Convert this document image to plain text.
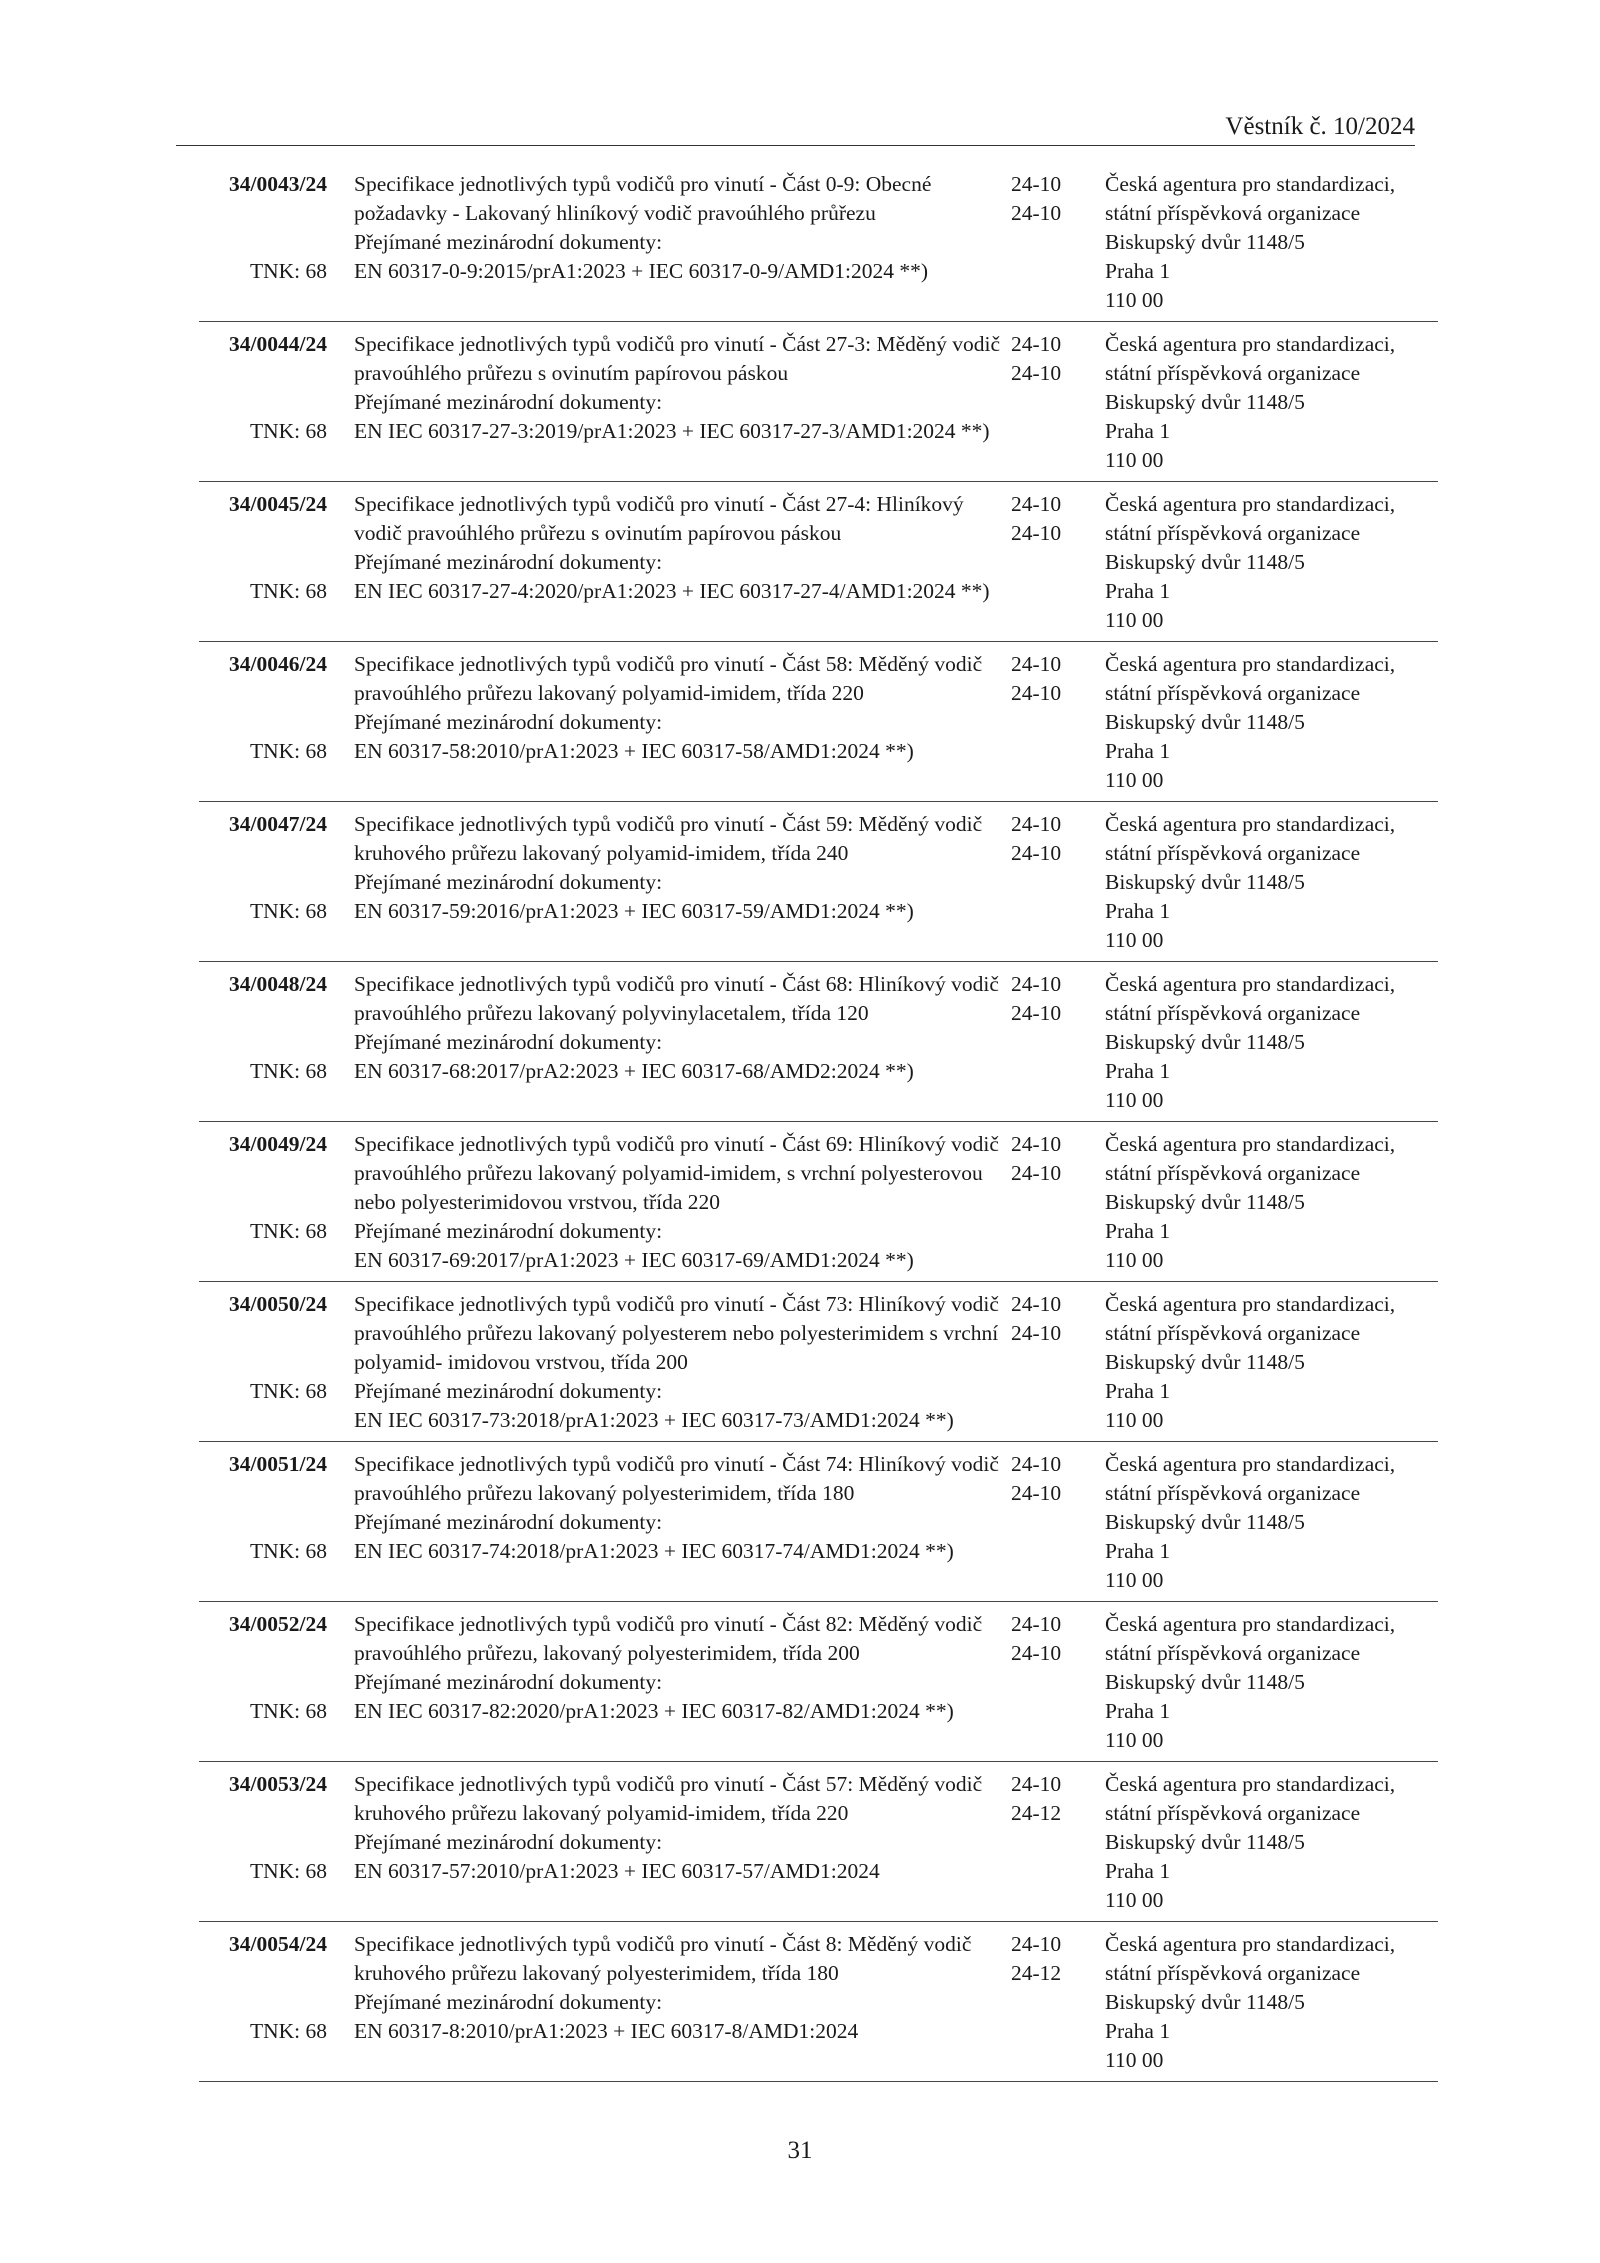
Věstník č. 10/2024
34/0043/24
TNK: 68
Specifikace jednotlivých typů vodičů pro vinutí - Část 0-9: Obecné požadavky - Lakovaný hliníkový vodič pravoúhlého průřezu
Přejímané mezinárodní dokumenty:
EN 60317-0-9:2015/prA1:2023 + IEC 60317-0-9/AMD1:2024 **)
24-10
24-10
Česká agentura pro standardizaci,
státní příspěvková organizace
Biskupský dvůr 1148/5
Praha 1
110 00
34/0044/24
TNK: 68
Specifikace jednotlivých typů vodičů pro vinutí - Část 27-3: Měděný vodič pravoúhlého průřezu s ovinutím papírovou páskou
Přejímané mezinárodní dokumenty:
EN IEC 60317-27-3:2019/prA1:2023 + IEC 60317-27-3/AMD1:2024 **)
24-10
24-10
Česká agentura pro standardizaci,
státní příspěvková organizace
Biskupský dvůr 1148/5
Praha 1
110 00
34/0045/24
TNK: 68
Specifikace jednotlivých typů vodičů pro vinutí - Část 27-4: Hliníkový vodič pravoúhlého průřezu s ovinutím papírovou páskou
Přejímané mezinárodní dokumenty:
EN IEC 60317-27-4:2020/prA1:2023 + IEC 60317-27-4/AMD1:2024 **)
24-10
24-10
Česká agentura pro standardizaci,
státní příspěvková organizace
Biskupský dvůr 1148/5
Praha 1
110 00
34/0046/24
TNK: 68
Specifikace jednotlivých typů vodičů pro vinutí - Část 58: Měděný vodič pravoúhlého průřezu lakovaný polyamid-imidem, třída 220
Přejímané mezinárodní dokumenty:
EN 60317-58:2010/prA1:2023 + IEC 60317-58/AMD1:2024 **)
24-10
24-10
Česká agentura pro standardizaci,
státní příspěvková organizace
Biskupský dvůr 1148/5
Praha 1
110 00
34/0047/24
TNK: 68
Specifikace jednotlivých typů vodičů pro vinutí - Část 59: Měděný vodič kruhového průřezu lakovaný polyamid-imidem, třída 240
Přejímané mezinárodní dokumenty:
EN 60317-59:2016/prA1:2023 + IEC 60317-59/AMD1:2024 **)
24-10
24-10
Česká agentura pro standardizaci,
státní příspěvková organizace
Biskupský dvůr 1148/5
Praha 1
110 00
34/0048/24
TNK: 68
Specifikace jednotlivých typů vodičů pro vinutí - Část 68: Hliníkový vodič pravoúhlého průřezu lakovaný polyvinylacetalem, třída 120
Přejímané mezinárodní dokumenty:
EN 60317-68:2017/prA2:2023 + IEC 60317-68/AMD2:2024 **)
24-10
24-10
Česká agentura pro standardizaci,
státní příspěvková organizace
Biskupský dvůr 1148/5
Praha 1
110 00
34/0049/24
TNK: 68
Specifikace jednotlivých typů vodičů pro vinutí - Část 69: Hliníkový vodič pravoúhlého průřezu lakovaný polyamid-imidem, s vrchní polyesterovou nebo polyesterimidovou vrstvou, třída 220
Přejímané mezinárodní dokumenty:
EN 60317-69:2017/prA1:2023 + IEC 60317-69/AMD1:2024 **)
24-10
24-10
Česká agentura pro standardizaci,
státní příspěvková organizace
Biskupský dvůr 1148/5
Praha 1
110 00
34/0050/24
TNK: 68
Specifikace jednotlivých typů vodičů pro vinutí - Část 73: Hliníkový vodič pravoúhlého průřezu lakovaný polyesterem nebo polyesterimidem s vrchní polyamid- imidovou vrstvou, třída 200
Přejímané mezinárodní dokumenty:
EN IEC 60317-73:2018/prA1:2023 + IEC 60317-73/AMD1:2024 **)
24-10
24-10
Česká agentura pro standardizaci,
státní příspěvková organizace
Biskupský dvůr 1148/5
Praha 1
110 00
34/0051/24
TNK: 68
Specifikace jednotlivých typů vodičů pro vinutí - Část 74: Hliníkový vodič pravoúhlého průřezu lakovaný polyesterimidem, třída 180
Přejímané mezinárodní dokumenty:
EN IEC 60317-74:2018/prA1:2023 + IEC 60317-74/AMD1:2024 **)
24-10
24-10
Česká agentura pro standardizaci,
státní příspěvková organizace
Biskupský dvůr 1148/5
Praha 1
110 00
34/0052/24
TNK: 68
Specifikace jednotlivých typů vodičů pro vinutí - Část 82: Měděný vodič pravoúhlého průřezu, lakovaný polyesterimidem, třída 200
Přejímané mezinárodní dokumenty:
EN IEC 60317-82:2020/prA1:2023 + IEC 60317-82/AMD1:2024 **)
24-10
24-10
Česká agentura pro standardizaci,
státní příspěvková organizace
Biskupský dvůr 1148/5
Praha 1
110 00
34/0053/24
TNK: 68
Specifikace jednotlivých typů vodičů pro vinutí - Část 57: Měděný vodič kruhového průřezu lakovaný polyamid-imidem, třída 220
Přejímané mezinárodní dokumenty:
EN 60317-57:2010/prA1:2023 + IEC 60317-57/AMD1:2024
24-10
24-12
Česká agentura pro standardizaci,
státní příspěvková organizace
Biskupský dvůr 1148/5
Praha 1
110 00
34/0054/24
TNK: 68
Specifikace jednotlivých typů vodičů pro vinutí - Část 8: Měděný vodič kruhového průřezu lakovaný polyesterimidem, třída 180
Přejímané mezinárodní dokumenty:
EN 60317-8:2010/prA1:2023 + IEC 60317-8/AMD1:2024
24-10
24-12
Česká agentura pro standardizaci,
státní příspěvková organizace
Biskupský dvůr 1148/5
Praha 1
110 00
31
